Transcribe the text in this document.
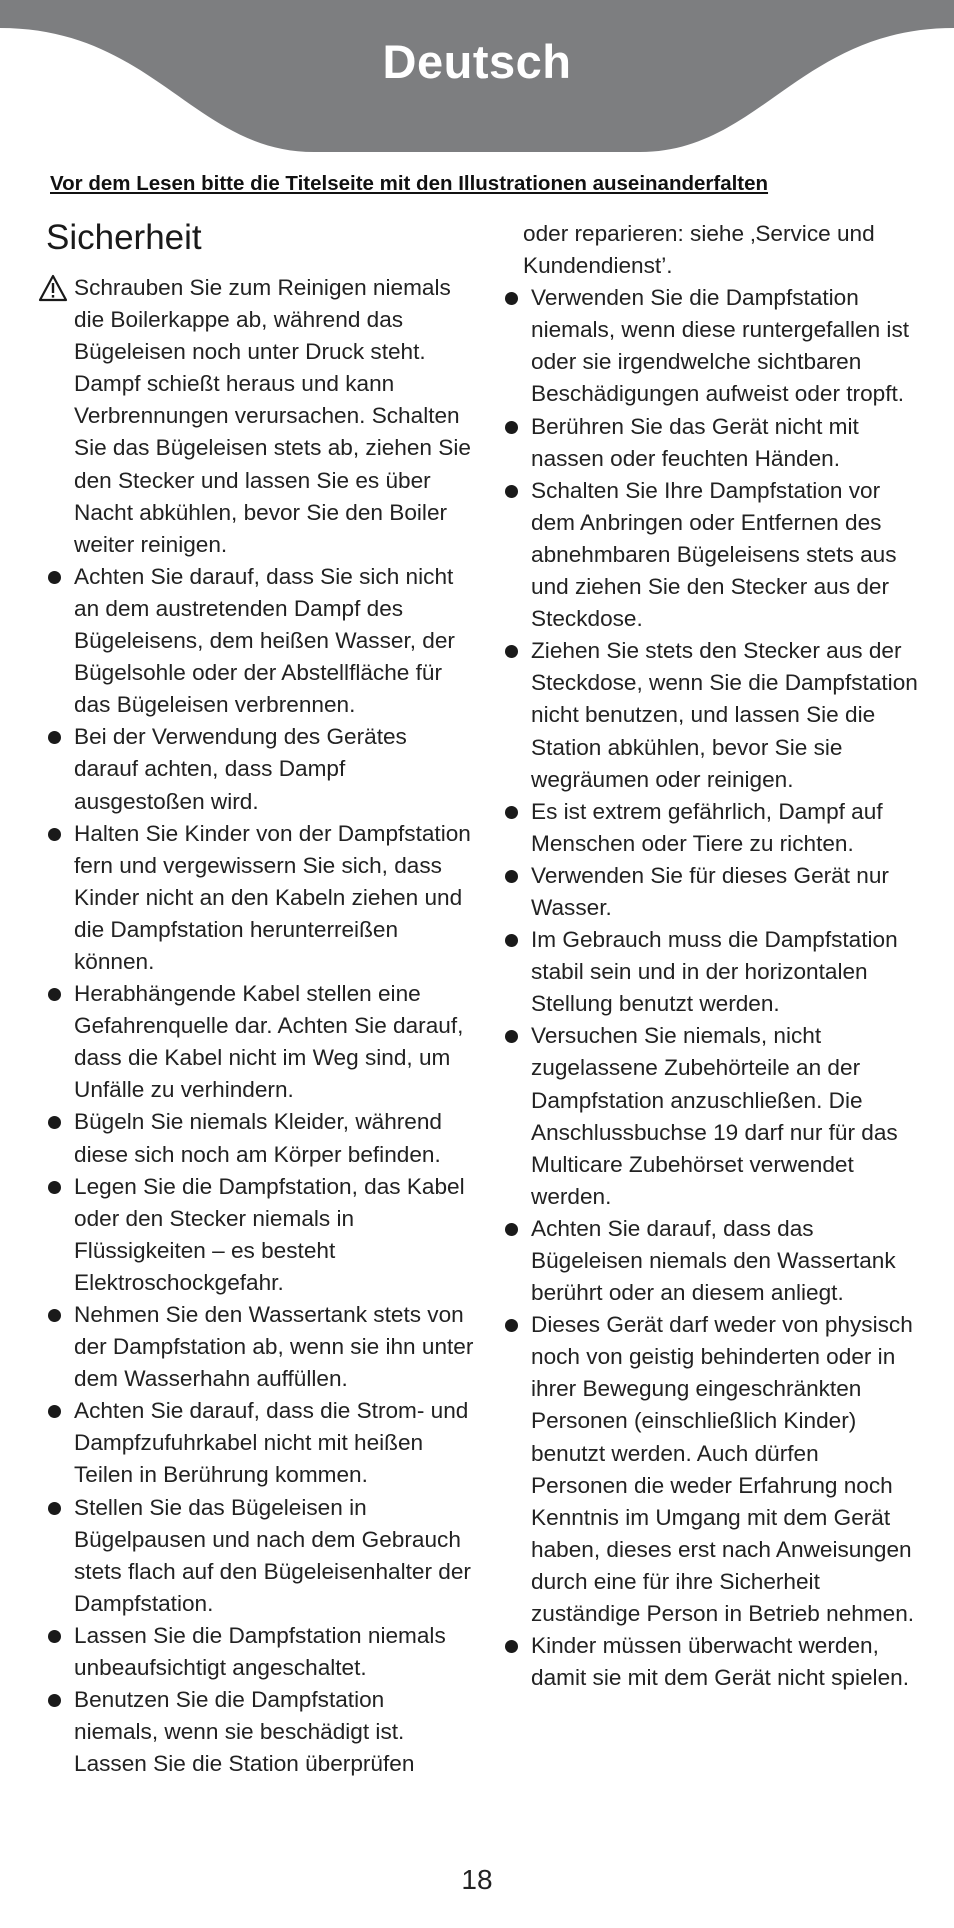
Deutsch
Vor dem Lesen bitte die Titelseite mit den Illustrationen auseinanderfalten
Sicherheit
Schrauben Sie zum Reinigen niemals die Boilerkappe ab, während das Bügeleisen noch unter Druck steht. Dampf schießt heraus und kann Verbrennungen verursachen. Schalten Sie das Bügeleisen stets ab, ziehen Sie den Stecker und lassen Sie es über Nacht abkühlen, bevor Sie den Boiler weiter reinigen.
Achten Sie darauf, dass Sie sich nicht an dem austretenden Dampf des Bügeleisens, dem heißen Wasser, der Bügelsohle oder der Abstellfläche für das Bügeleisen verbrennen.
Bei der Verwendung des Gerätes darauf achten, dass Dampf ausgestoßen wird.
Halten Sie Kinder von der Dampfstation fern und vergewissern Sie sich, dass Kinder nicht an den Kabeln ziehen und die Dampfstation herunterreißen können.
Herabhängende Kabel stellen eine Gefahrenquelle dar. Achten Sie darauf, dass die Kabel nicht im Weg sind, um Unfälle zu verhindern.
Bügeln Sie niemals Kleider, während diese sich noch am Körper befinden.
Legen Sie die Dampfstation, das Kabel oder den Stecker niemals in Flüssigkeiten – es besteht Elektroschockgefahr.
Nehmen Sie den Wassertank stets von der Dampfstation ab, wenn sie ihn unter dem Wasserhahn auffüllen.
Achten Sie darauf, dass die Strom- und Dampfzufuhrkabel nicht mit heißen Teilen in Berührung kommen.
Stellen Sie das Bügeleisen in Bügelpausen und nach dem Gebrauch stets flach auf den Bügeleisenhalter der Dampfstation.
Lassen Sie die Dampfstation niemals unbeaufsichtigt angeschaltet.
Benutzen Sie die Dampfstation niemals, wenn sie beschädigt ist. Lassen Sie die Station überprüfen
oder reparieren: siehe ‚Service und Kundendienst’.
Verwenden Sie die Dampfstation niemals, wenn diese runtergefallen ist oder sie irgendwelche sichtbaren Beschädigungen aufweist oder tropft.
Berühren Sie das Gerät nicht mit nassen oder feuchten Händen.
Schalten Sie Ihre Dampfstation vor dem Anbringen oder Entfernen des abnehmbaren Bügeleisens stets aus und ziehen Sie den Stecker aus der Steckdose.
Ziehen Sie stets den Stecker aus der Steckdose, wenn Sie die Dampfstation nicht benutzen, und lassen Sie die Station abkühlen, bevor Sie sie wegräumen oder reinigen.
Es ist extrem gefährlich, Dampf auf Menschen oder Tiere zu richten.
Verwenden Sie für dieses Gerät nur Wasser.
Im Gebrauch muss die Dampfstation stabil sein und in der horizontalen Stellung benutzt werden.
Versuchen Sie niemals, nicht zugelassene Zubehörteile an der Dampfstation anzuschließen. Die Anschlussbuchse 19 darf nur für das Multicare Zubehörset verwendet werden.
Achten Sie darauf, dass das Bügeleisen niemals den Wassertank berührt oder an diesem anliegt.
Dieses Gerät darf weder von physisch noch von geistig behinderten oder in ihrer Bewegung eingeschränkten Personen (einschließlich Kinder) benutzt werden. Auch dürfen Personen die weder Erfahrung noch Kenntnis im Umgang mit dem Gerät haben, dieses erst nach Anweisungen durch eine für ihre Sicherheit zuständige Person in Betrieb nehmen.
Kinder müssen überwacht werden, damit sie mit dem Gerät nicht spielen.
18
